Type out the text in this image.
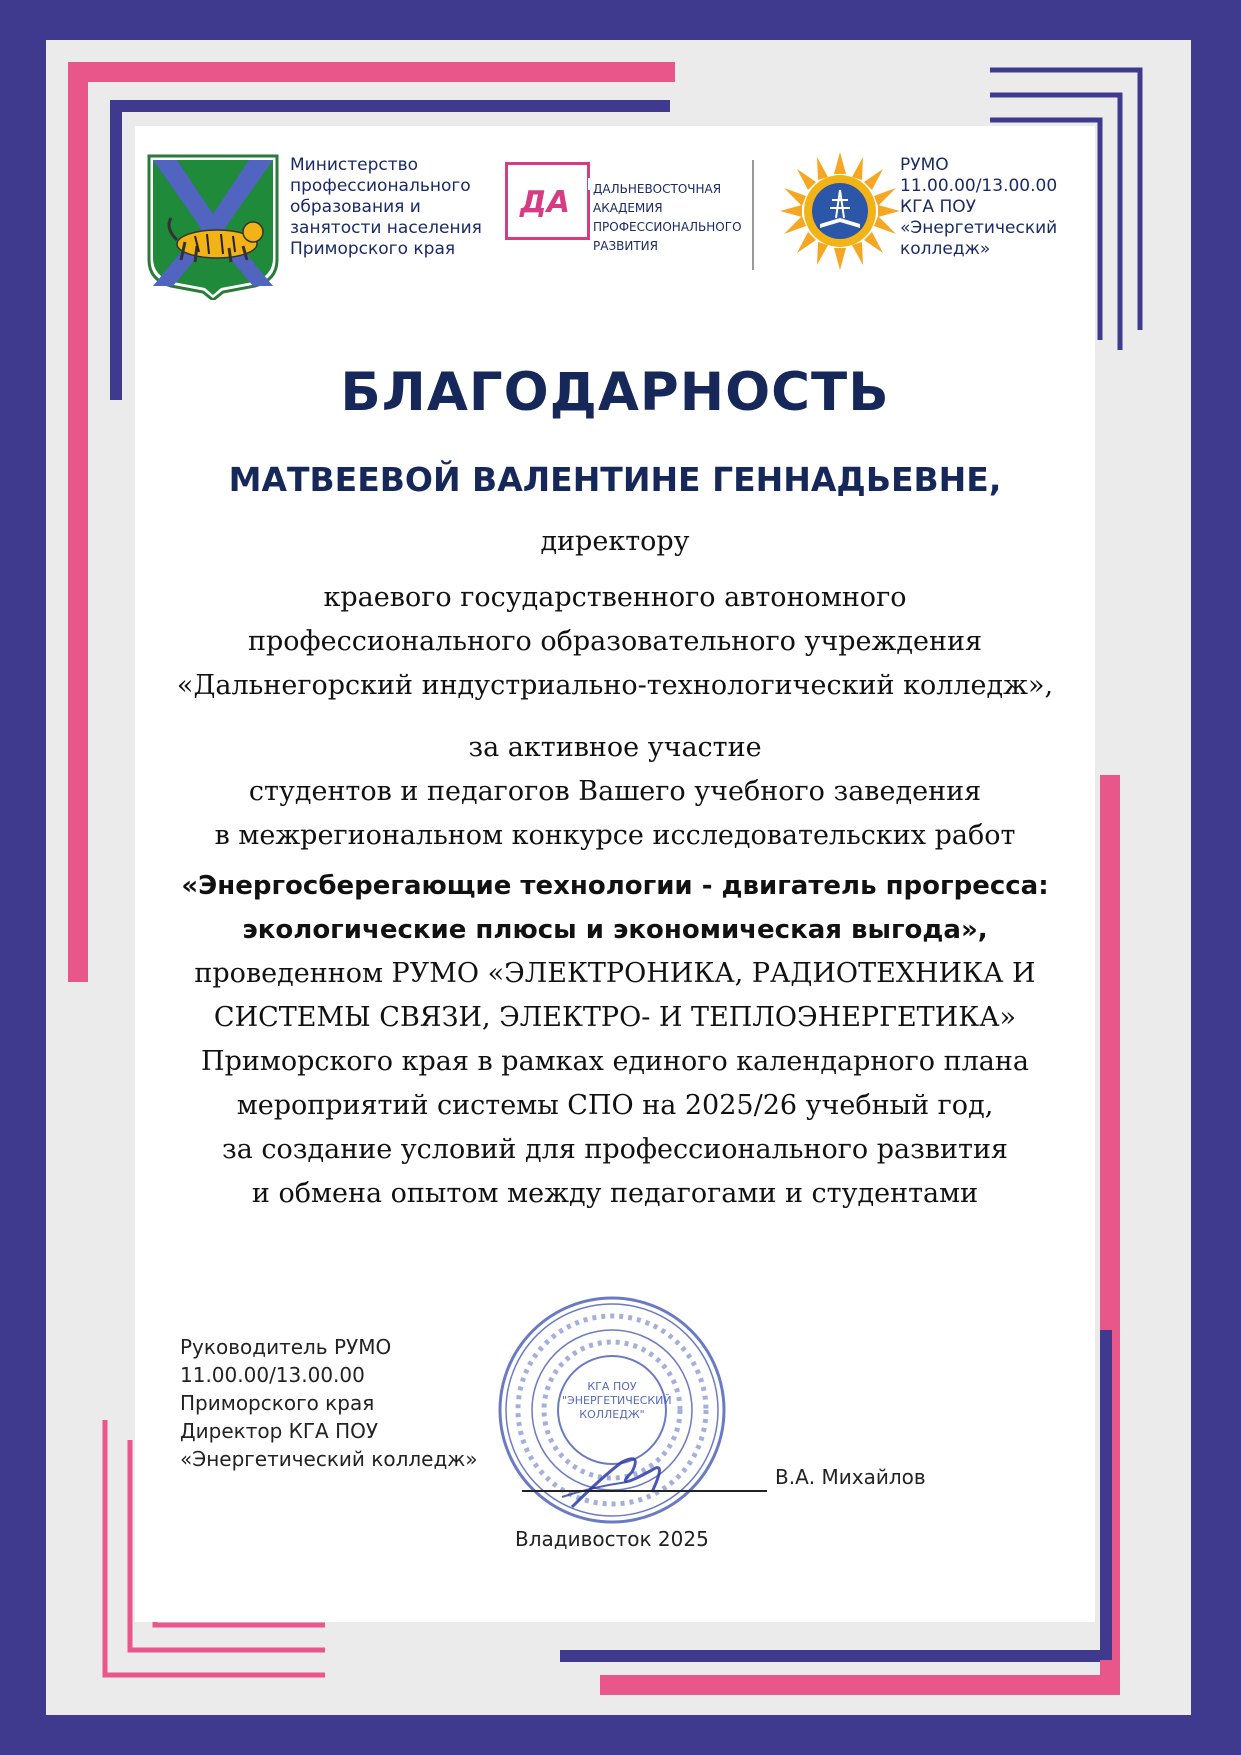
Министерство
профессионального
образования и
занятости населения
Приморского края
ДА ДАЛЬНЕВОСТОЧНАЯ
АКАДЕМИЯ
ПРОФЕССИОНАЛЬНОГО
РАЗВИТИЯ
РУМО
11.00.00/13.00.00
КГА ПОУ
«Энергетический
колледж»
БЛАГОДАРНОСТЬ
МАТВЕЕВОЙ ВАЛЕНТИНЕ ГЕННАДЬЕВНЕ,
директору
краевого государственного автономного
профессионального образовательного учреждения
«Дальнегорский индустриально-технологический колледж»,
за активное участие
студентов и педагогов Вашего учебного заведения
в межрегиональном конкурсе исследовательских работ
«Энергосберегающие технологии - двигатель прогресса:
экологические плюсы и экономическая выгода»,
проведенном РУМО «ЭЛЕКТРОНИКА, РАДИОТЕХНИКА И
СИСТЕМЫ СВЯЗИ, ЭЛЕКТРО- И ТЕПЛОЭНЕРГЕТИКА»
Приморского края в рамках единого календарного плана
мероприятий системы СПО на 2025/26 учебный год,
за создание условий для профессионального развития
и обмена опытом между педагогами и студентами
КГА ПОУ
"ЭНЕРГЕТИЧЕСКИЙ
КОЛЛЕДЖ"
Руководитель РУМО
11.00.00/13.00.00
Приморского края
Директор КГА ПОУ
«Энергетический колледж»
В.А. Михайлов
Владивосток 2025
